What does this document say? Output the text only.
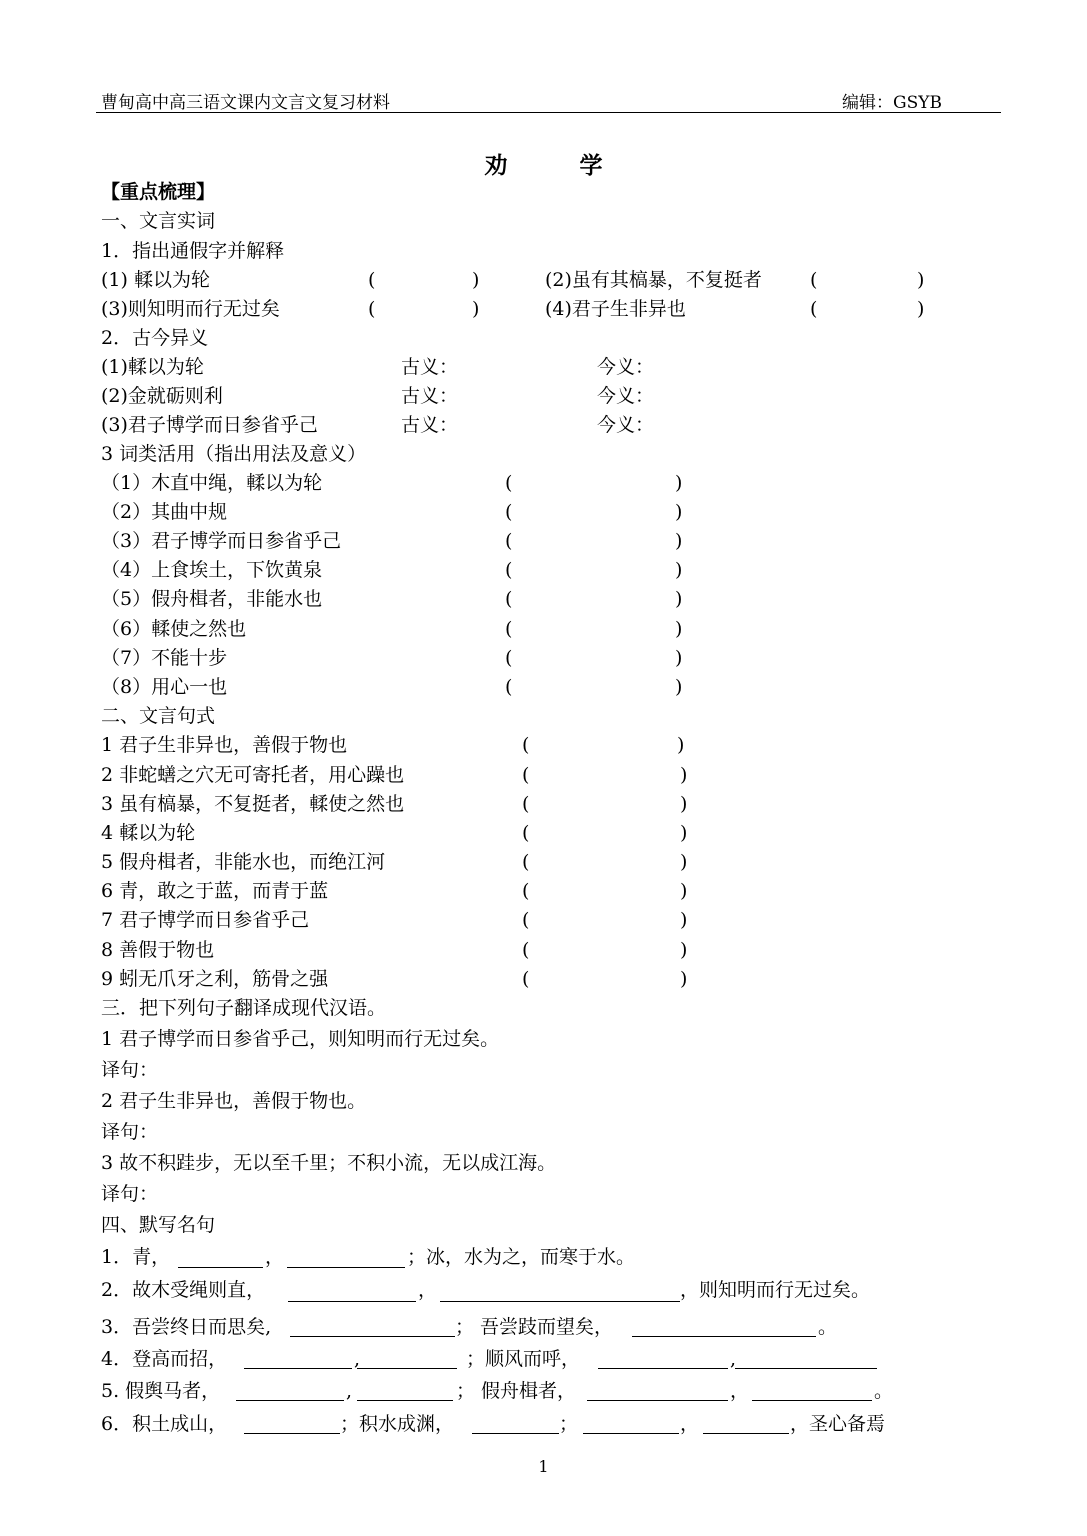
曹甸高中高三语文课内文言文复习材料	编辑：GSYB
劝 学
【重点梳理】
一、文言实词
1．指出通假字并解释
(1) 輮以为轮	(	)	(2)虽有其槁暴，不复挺者	(	)
(3)则知明而行无过矣	(	)	(4)君子生非异也	(	)
2．古今异义
(1)輮以为轮	古义：	今义：
(2)金就砺则利	古义：	今义：
(3)君子博学而日参省乎己	古义：	今义：
3 词类活用（指出用法及意义）
（1）木直中绳，輮以为轮	(	)
（2）其曲中规	(	)
（3）君子博学而日参省乎己	(	)
（4）上食埃土，下饮黄泉	(	)
（5）假舟楫者，非能水也	(	)
（6）輮使之然也	(	)
（7）不能十步	(	)
（8）用心一也	(	)
二、文言句式
1 君子生非异也，善假于物也	(	)
2 非蛇蟮之穴无可寄托者，用心躁也	(	)
3 虽有槁暴，不复挺者，輮使之然也	(	)
4 輮以为轮	(	)
5 假舟楫者，非能水也，而绝江河	(	)
6 青，敢之于蓝，而青于蓝	(	)
7 君子博学而日参省乎己	(	)
8 善假于物也	(	)
9 蚓无爪牙之利，筋骨之强	(	)
三．把下列句子翻译成现代汉语。
1 君子博学而日参省乎己，则知明而行无过矣。
译句：
2 君子生非异也，善假于物也。
译句：
3 故不积跬步，无以至千里；不积小流，无以成江海。
译句：
四、默写名句
1．青，	，	；冰，水为之，而寒于水。
2．故木受绳则直，	，	，则知明而行无过矣。
3．吾尝终日而思矣,	； 吾尝跂而望矣，	。
4．登高而招，	,	；顺风而呼，	,
5. 假舆马者，	,	； 假舟楫者，	，	。
6．积土成山，	；积水成渊，	；	，	，圣心备焉
1
